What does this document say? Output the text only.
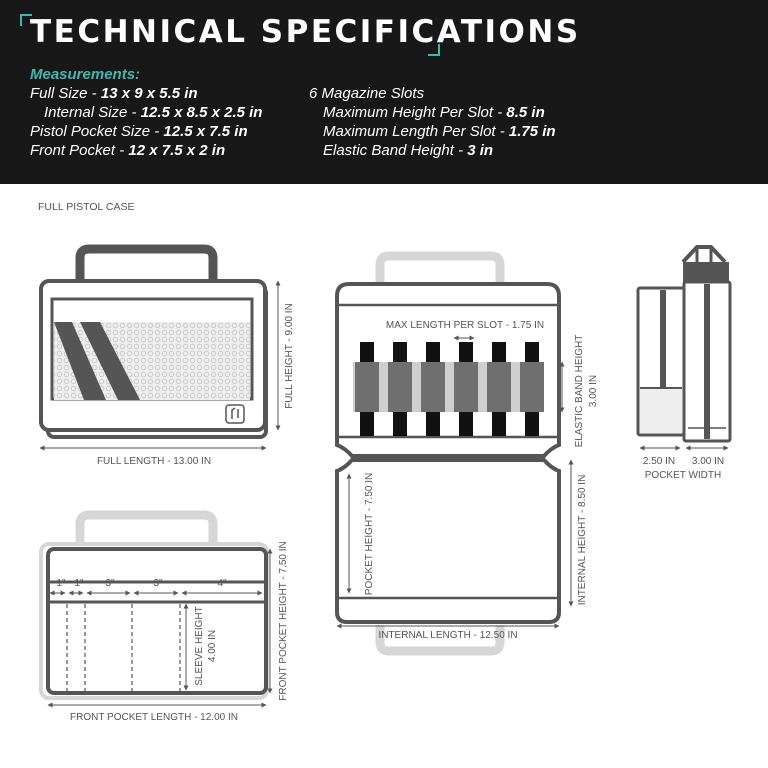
TECHNICAL SPECIFICATIONS
Measurements:
Full Size - 13 x 9 x 5.5 in
Internal Size - 12.5 x 8.5 x 2.5 in
Pistol Pocket Size - 12.5 x 7.5 in
Front Pocket - 12 x 7.5 x 2 in
6 Magazine Slots
Maximum Height Per Slot - 8.5 in
Maximum Length Per Slot - 1.75 in
Elastic Band Height - 3 in
FULL PISTOL CASE
FULL LENGTH - 13.00 IN
FULL HEIGHT - 9.00 IN	MAX LENGTH PER SLOT - 1.75 IN
ELASTIC BAND HEIGHT 3.00 IN
POCKET HEIGHT - 7.50 IN	INTERNAL HEIGHT - 8.50 IN
INTERNAL LENGTH - 12.50 IN
2.50 IN 3.00 IN
POCKET WIDTH
1" 1" 3"	3"	4"
SLEEVE HEIGHT 4.00 IN	FRONT POCKET HEIGHT - 7.50 IN
FRONT POCKET LENGTH - 12.00 IN
